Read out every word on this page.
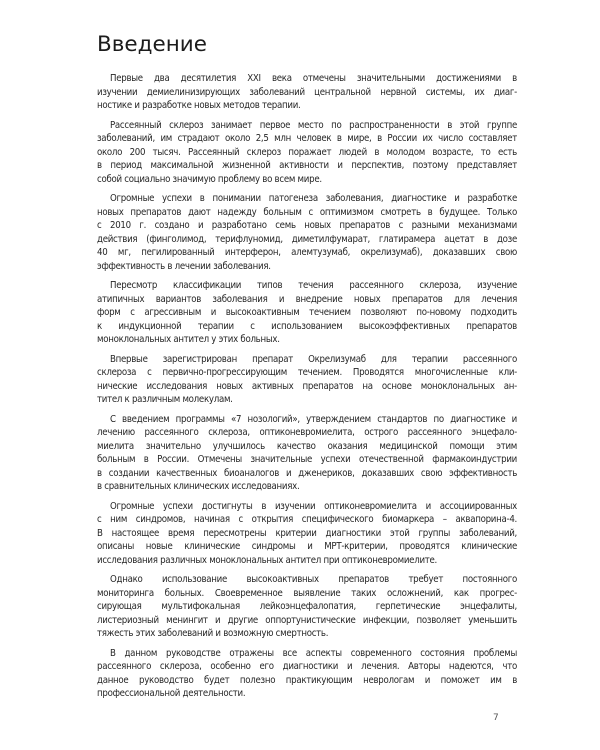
Введение

Первые два десятилетия XXI века отмечены значительными достижениями в
изучении демиелинизирующих заболеваний центральной нервной системы, их диаг-
ностике и разработке новых методов терапии.

Рассеянный склероз занимает первое место по распространенности в этой группе
заболеваний, им страдают около 2,5 млн человек в мире, в России их число составляет
около 200 тысяч. Рассеянный склероз поражает людей в молодом возрасте, то есть
в период максимальной жизненной активности и перспектив, поэтому представляет
собой социально значимую проблему во всем мире.

Огромные успехи в понимании патогенеза заболевания, диагностике и разработке
новых препаратов дают надежду больным с оптимизмом смотреть в будущее. Только
с 2010 г. создано и разработано семь новых препаратов с разными механизмами
действия (финголимод, терифлуномид, диметилфумарат, глатирамера ацетат в дозе
40 мг, пегилированный интерферон, алемтузумаб, окрелизумаб), доказавших свою
эффективность в лечении заболевания.

Пересмотр классификации типов течения рассеянного склероза, изучение
атипичных вариантов заболевания и внедрение новых препаратов для лечения
форм с агрессивным и высокоактивным течением позволяют по-новому подходить
к индукционной терапии с использованием высокоэффективных препаратов
моноклональных антител у этих больных.

Впервые зарегистрирован препарат Окрелизумаб для терапии рассеянного
склероза с первично-прогрессирующим течением. Проводятся многочисленные кли-
нические исследования новых активных препаратов на основе моноклональных ан-
тител к различным молекулам.

С введением программы «7 нозологий», утверждением стандартов по диагностике и
лечению рассеянного склероза, оптиконевромиелита, острого рассеянного энцефало-
миелита значительно улучшилось качество оказания медицинской помощи этим
больным в России. Отмечены значительные успехи отечественной фармакоиндустрии
в создании качественных биоаналогов и дженериков, доказавших свою эффективность
в сравнительных клинических исследованиях.

Огромные успехи достигнуты в изучении оптиконевромиелита и ассоциированных
с ним синдромов, начиная с открытия специфического биомаркера – аквапорина-4.
В настоящее время пересмотрены критерии диагностики этой группы заболеваний,
описаны новые клинические синдромы и МРТ-критерии, проводятся клинические
исследования различных моноклональных антител при оптиконевромиелите.

Однако использование высокоактивных препаратов требует постоянного
мониторинга больных. Своевременное выявление таких осложнений, как прогрес-
сирующая мультифокальная лейкоэнцефалопатия, герпетические энцефалиты,
листериозный менингит и другие оппортунистические инфекции, позволяет уменьшить
тяжесть этих заболеваний и возможную смертность.

В данном руководстве отражены все аспекты современного состояния проблемы
рассеянного склероза, особенно его диагностики и лечения. Авторы надеются, что
данное руководство будет полезно практикующим неврологам и поможет им в
профессиональной деятельности.

7
